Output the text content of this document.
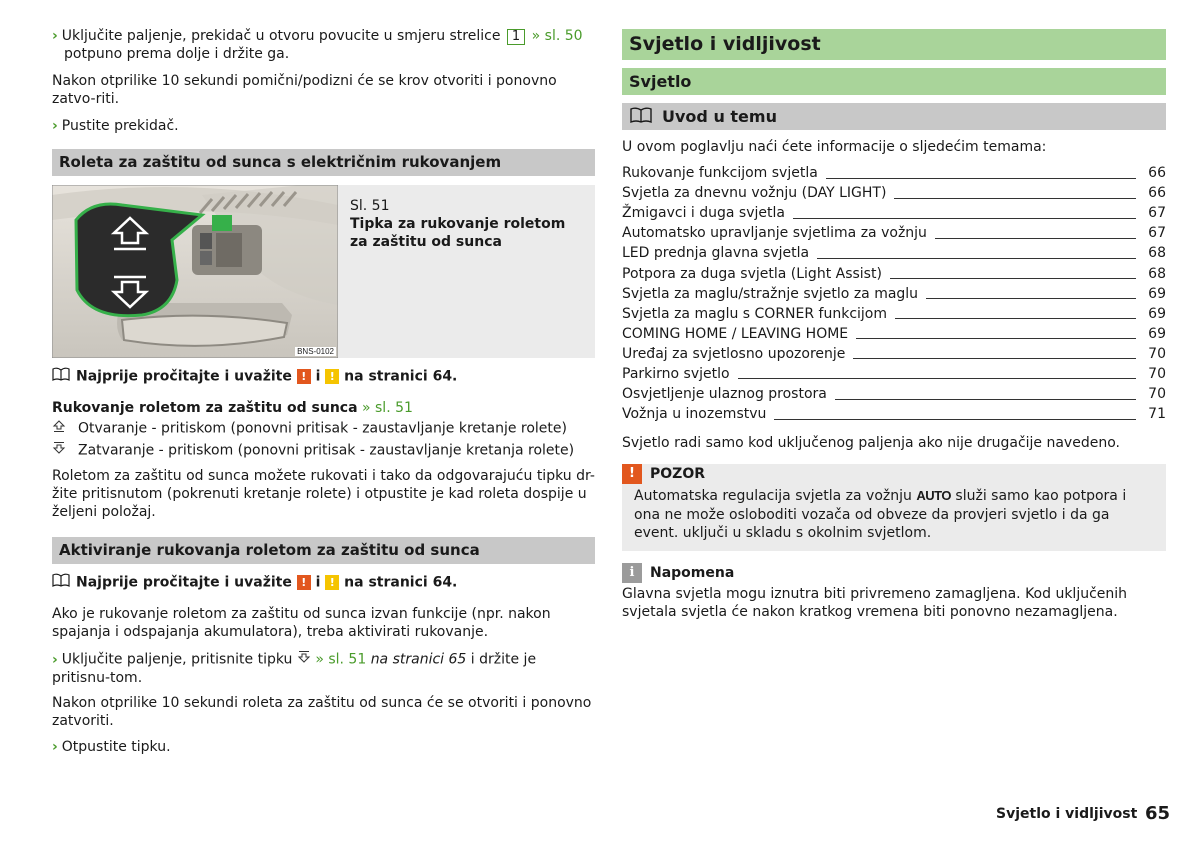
› Uključite paljenje, prekidač u otvoru povucite u smjeru strelice 1 » sl. 50
potpuno prema dolje i držite ga.
Nakon otprilike 10 sekundi pomični/podizni će se krov otvoriti i ponovno zatvo-riti.
› Pustite prekidač.
Roleta za zaštitu od sunca s električnim rukovanjem
BNS-0102
Sl. 51
Tipka za rukovanje roletom za zaštitu od sunca
Najprije pročitajte i uvažite ! i ! na stranici 64.
Rukovanje roletom za zaštitu od sunca » sl. 51
Otvaranje - pritiskom (ponovni pritisak - zaustavljanje kretanje rolete)
Zatvaranje - pritiskom (ponovni pritisak - zaustavljanje kretanja rolete)
Roletom za zaštitu od sunca možete rukovati i tako da odgovarajuću tipku dr-žite pritisnutom (pokrenuti kretanje rolete) i otpustite je kad roleta dospije u željeni položaj.
Aktiviranje rukovanja roletom za zaštitu od sunca
Najprije pročitajte i uvažite ! i ! na stranici 64.
Ako je rukovanje roletom za zaštitu od sunca izvan funkcije (npr. nakon spajanja i odspajanja akumulatora), treba aktivirati rukovanje.
› Uključite paljenje, pritisnite tipku » sl. 51 na stranici 65 i držite je pritisnu-tom.
Nakon otprilike 10 sekundi roleta za zaštitu od sunca će se otvoriti i ponovno zatvoriti.
› Otpustite tipku.
Svjetlo i vidljivost
Svjetlo
Uvod u temu
U ovom poglavlju naći ćete informacije o sljedećim temama:
Rukovanje funkcijom svjetla	66
Svjetla za dnevnu vožnju (DAY LIGHT)	66
Žmigavci i duga svjetla	67
Automatsko upravljanje svjetlima za vožnju	67
LED prednja glavna svjetla	68
Potpora za duga svjetla (Light Assist)	68
Svjetla za maglu/stražnje svjetlo za maglu	69
Svjetla za maglu s CORNER funkcijom	69
COMING HOME / LEAVING HOME	69
Uređaj za svjetlosno upozorenje	70
Parkirno svjetlo	70
Osvjetljenje ulaznog prostora	70
Vožnja u inozemstvu	71
Svjetlo radi samo kod uključenog paljenja ako nije drugačije navedeno.
!	POZOR
Automatska regulacija svjetla za vožnju AUTO služi samo kao potpora i ona ne može osloboditi vozača od obveze da provjeri svjetlo i da ga event. uključi u skladu s okolnim svjetlom.
i	Napomena
Glavna svjetla mogu iznutra biti privremeno zamagljena. Kod uključenih svjetala svjetla će nakon kratkog vremena biti ponovno nezamagljena.
Svjetlo i vidljivost 65
